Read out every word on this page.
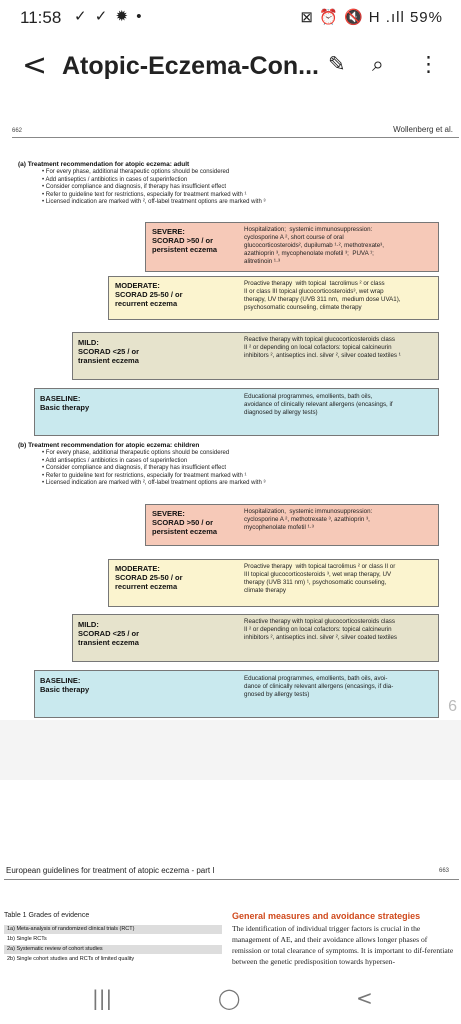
11:58 ✓ ✓ ✹ •	⊠ ⏰ 🔇 H .ıll 59%
< Atopic-Eczema-Con... ✎ ⌕ ⋮
662	Wollenberg et al.
(a) Treatment recommendation for atopic eczema: adult
• For every phase, additional therapeutic options should be considered
• Add antiseptics / antibiotics in cases of superinfection
• Consider compliance and diagnosis, if therapy has insufficient effect
• Refer to guideline text for restrictions, especially for treatment marked with ¹
• Licensed indication are marked with ², off-label treatment options are marked with ³
SEVERE:
SCORAD >50 / or
persistent eczema
Hospitalization;  systemic immunosuppression:
cyclosporine A ², short course of oral
glucocorticosteroids², dupilumab ¹·², methotrexate³,
azathioprin ³, mycophenolate mofetil ³;  PUVA ¹;
alitretinoin ¹·³
MODERATE:
SCORAD 25-50 / or
recurrent eczema
Proactive therapy  with topical  tacrolimus ² or class
II or class III topical glucocorticosteroids³, wet wrap
therapy, UV therapy (UVB 311 nm,  medium dose UVA1),
psychosomatic counseling, climate therapy
MILD:
SCORAD <25 / or
transient eczema
Reactive therapy with topical glucocorticosteroids class
II ² or depending on local cofactors: topical calcineurin
inhibitors ², antiseptics incl. silver ², silver coated textiles ¹
BASELINE:
Basic therapy
Educational programmes, emollients, bath oils,
avoidance of clinically relevant allergens (encasings, if
diagnosed by allergy tests)
(b) Treatment recommendation for atopic eczema: children
• For every phase, additional therapeutic options should be considered
• Add antiseptics / antibiotics in cases of superinfection
• Consider compliance and diagnosis, if therapy has insufficient effect
• Refer to guideline text for restrictions, especially for treatment marked with ¹
• Licensed indication are marked with ², off-label treatment options are marked with ³
SEVERE:
SCORAD >50 / or
persistent eczema
Hospitalization,  systemic immunosuppression:
cyclosporine A ², methotrexate ³, azathioprin ³,
mycophenolate mofetil ¹·³
MODERATE:
SCORAD 25-50 / or
recurrent eczema
Proactive therapy  with topical tacrolimus ² or class II or
III topical glucocorticosteroids ³, wet wrap therapy, UV
therapy (UVB 311 nm) ¹, psychosomatic counseling,
climate therapy
MILD:
SCORAD <25 / or
transient eczema
Reactive therapy with topical glucocorticosteroids class
II ² or depending on local cofactors: topical calcineurin
inhibitors ², antiseptics incl. silver ², silver coated textiles
BASELINE:
Basic therapy
Educational programmes, emollients, bath oils, avoi-
dance of clinically relevant allergens (encasings, if dia-
gnosed by allergy tests)
6
European guidelines for treatment of atopic eczema - part I	663
Table 1 Grades of evidence
1a) Meta-analysis of randomized clinical trials (RCT)
1b) Single RCTs
2a) Systematic review of cohort studies
2b) Single cohort studies and RCTs of limited quality
General measures and avoidance strategies
The identification of individual trigger factors is crucial in the management of AE, and their avoidance allows longer phases of remission or total clearance of symptoms. It is important to dif-ferentiate between the genetic predisposition towards hypersen-
|||	◯	<
